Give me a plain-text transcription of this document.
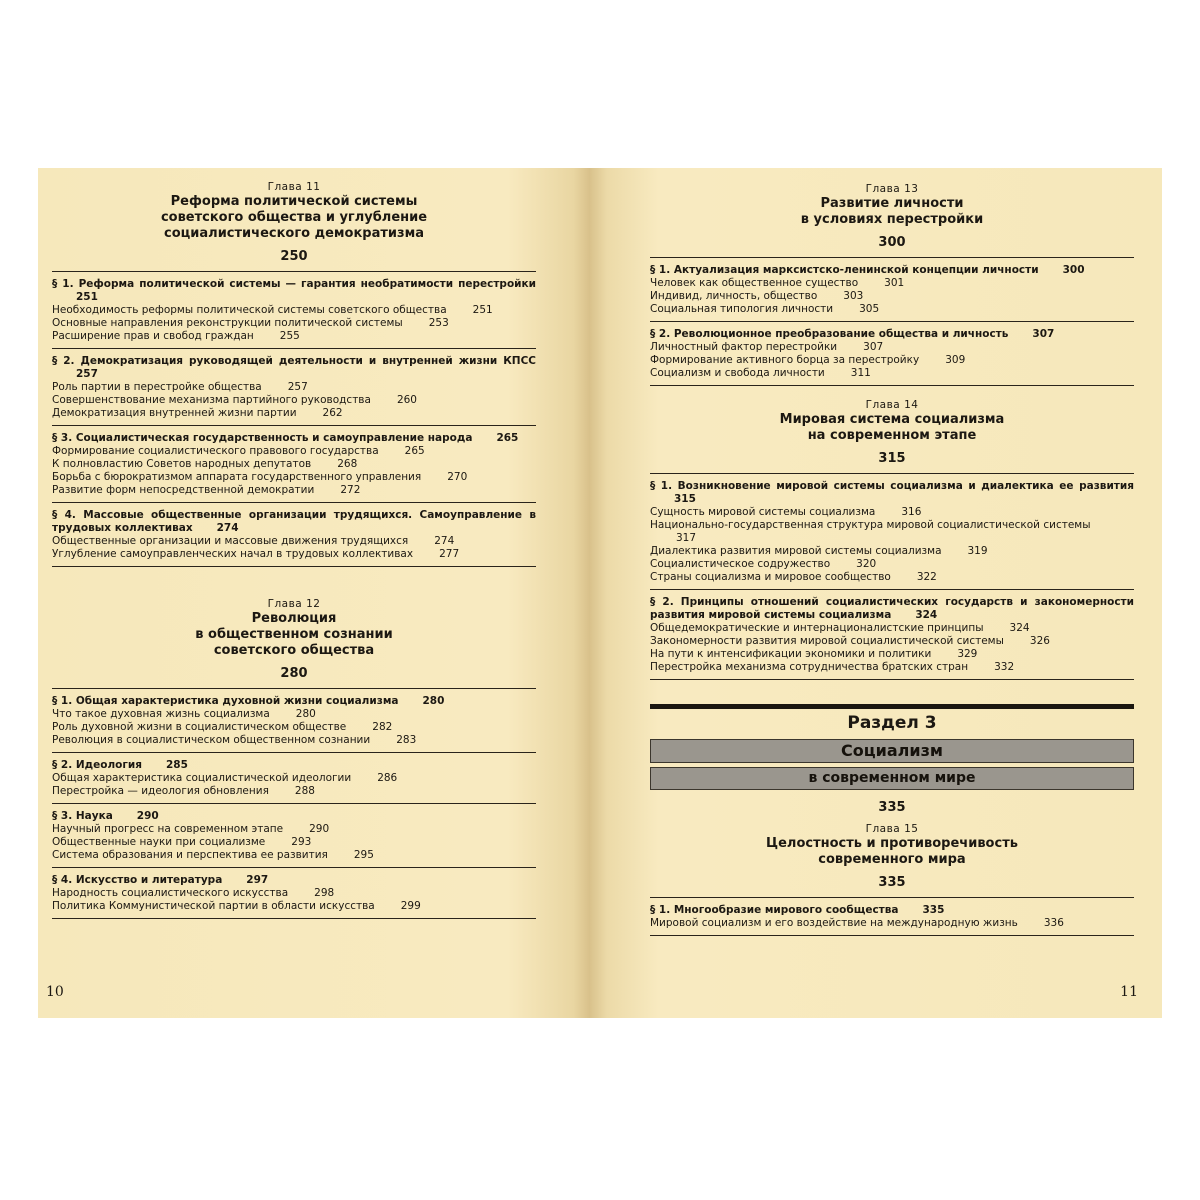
Глава 11
Реформа политической системы
советского общества и углубление
социалистического демократизма
250
§ 1. Реформа политической системы — гарантия необратимости перестройки251
Необходимость реформы политической системы советского общества 251
Основные направления реконструкции политической системы 253
Расширение прав и свобод граждан 255
§ 2. Демократизация руководящей деятельности и внутренней жизни КПСС257
Роль партии в перестройке общества 257
Совершенствование механизма партийного руководства 260
Демократизация внутренней жизни партии 262
§ 3. Социалистическая государственность и самоуправление народа 265
Формирование социалистического правового государства 265
К полновластию Советов народных депутатов 268
Борьба с бюрократизмом аппарата государственного управления 270
Развитие форм непосредственной демократии 272
§ 4. Массовые общественные организации трудящихся. Самоуправление в трудовых коллективах 274
Общественные организации и массовые движения трудящихся 274
Углубление самоуправленческих начал в трудовых коллективах 277
Глава 12
Революция
в общественном сознании
советского общества
280
§ 1. Общая характеристика духовной жизни социализма 280
Что такое духовная жизнь социализма 280
Роль духовной жизни в социалистическом обществе 282
Революция в социалистическом общественном сознании 283
§ 2. Идеология 285
Общая характеристика социалистической идеологии 286
Перестройка — идеология обновления 288
§ 3. Наука 290
Научный прогресс на современном этапе 290
Общественные науки при социализме 293
Система образования и перспектива ее развития 295
§ 4. Искусство и литература 297
Народность социалистического искусства 298
Политика Коммунистической партии в области искусства 299
10
Глава 13
Развитие личности
в условиях перестройки
300
§ 1. Актуализация марксистско-ленинской концепции личности 300
Человек как общественное существо 301
Индивид, личность, общество 303
Социальная типология личности 305
§ 2. Революционное преобразование общества и личность 307
Личностный фактор перестройки 307
Формирование активного борца за перестройку 309
Социализм и свобода личности 311
Глава 14
Мировая система социализма
на современном этапе
315
§ 1. Возникновение мировой системы социализма и диалектика ее развития315
Сущность мировой системы социализма 316
Национально-государственная структура мировой социалистической системы317
Диалектика развития мировой системы социализма 319
Социалистическое содружество 320
Страны социализма и мировое сообщество 322
§ 2. Принципы отношений социалистических государств и закономерности развития мировой системы социализма 324
Общедемократические и интернационалистские принципы 324
Закономерности развития мировой социалистической системы 326
На пути к интенсификации экономики и политики 329
Перестройка механизма сотрудничества братских стран 332
Раздел 3
Социализм
в современном мире
335
Глава 15
Целостность и противоречивость
современного мира
335
§ 1. Многообразие мирового сообщества 335
Мировой социализм и его воздействие на международную жизнь 336
11
